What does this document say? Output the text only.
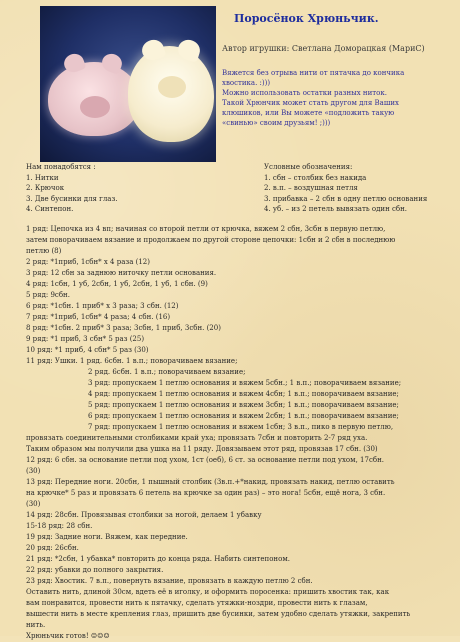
Поросёнок Хрюньчик.
Автор игрушки: Светлана Доморацкая (МариС)
Вяжется без отрыва нити от пятачка до кончика
хвостика. :)))
Можно использовать остатки разных ниток.
Такой Хрюнчик может стать другом для Ваших
клюшиков, или Вы можете «подложить такую
«свинью» своим друзьям! ;)))
Нам понадобятся :
1. Нитки
2. Крючок
3. Две бусинки для глаз.
4. Синтепон.
Условные обозначения:
1. сбн – столбик без накида
2. в.п. – воздушная петля
3. прибавка – 2 сбн в одну петлю основания
4. уб. – из 2 петель вывязать один сбн.
1 ряд: Цепочка из 4 вп; начиная со второй петли от крючка, вяжем 2 сбн, 3сбн в первую петлю,
затем поворачиваем вязание и продолжаем по другой стороне цепочки: 1сбн и 2 сбн в последнюю
петлю (8)
2 ряд: *1приб, 1сбн* х 4 раза (12)
3 ряд: 12 сбн за заднюю ниточку петли основания.
4 ряд: 1сбн, 1 уб, 2сбн, 1 уб, 2сбн, 1 уб, 1 сбн. (9)
5 ряд: 9сбн.
6 ряд: *1сбн. 1 приб* х 3 раза; 3 сбн. (12)
7 ряд: *1приб, 1сбн* 4 раза; 4 сбн. (16)
8 ряд: *1сбн. 2 приб* 3 раза; 3сбн, 1 приб, 3сбн. (20)
9 ряд: *1 приб, 3 сбн* 5 раз (25)
10 ряд: *1 приб, 4 сбн* 5 раз (30)
11 ряд: Ушки. 1 ряд. 6сбн. 1 в.п.; поворачиваем вязание;
2 ряд. 6сбн. 1 в.п.; поворачиваем вязание;
3 ряд: пропускаем 1 петлю основания и вяжем 5сбн.; 1 в.п.; поворачиваем вязание;
4 ряд: пропускаем 1 петлю основания и вяжем 4сбн; 1 в.п.; поворачиваем вязание;
5 ряд: пропускаем 1 петлю основания и вяжем 3сбн; 1 в.п.; поворачиваем вязание;
6 ряд: пропускаем 1 петлю основания и вяжем 2сбн; 1 в.п.; поворачиваем вязание;
7 ряд: пропускаем 1 петлю основания и вяжем 1сбн; 3 в.п., пико в первую петлю,
провязать соединительными столбиками край уха; провязать 7сбн и повторить 2-7 ряд уха.
Таким образом мы получили два ушка на 11 ряду. Довязываем этот ряд, провязав 17 сбн. (30)
12 ряд: 6 сбн. за основание петли под ухом, 1ст (оеб), 6 ст. за основание петли под ухом, 17сбн.
(30)
13 ряд: Передние ноги. 20сбн, 1 пышный столбик (3в.п.+*накид, провязать накид, петлю оставить
на крючке* 5 раз и провязать 6 петель на крючке за один раз) – это нога! 5сбн, ещё нога, 3 сбн.
(30)
14 ряд: 28сбн. Провязывая столбики за ногой, делаем 1 убавку
15-18 ряд: 28 сбн.
19 ряд: Задние ноги. Вяжем, как передние.
20 ряд: 26сбн.
21 ряд: *2сбн, 1 убавка* повторить до конца ряда. Набить синтепоном.
22 ряд: убавки до полного закрытия.
23 ряд: Хвостик. 7 в.п., повернуть вязание, провязать в каждую петлю 2 сбн.
Оставить нить, длиной 30см, вдеть её в иголку, и оформить поросенка: пришить хвостик так, как
вам понравится, провести нить к пятачку, сделать утяжки-ноздри, провести нить к глазам,
вышести нить в месте крепления глаз, пришить две бусинки, затем удобно сделать утяжки, закрепить
нить.
Хрюньчик готов! ☺☺☺
